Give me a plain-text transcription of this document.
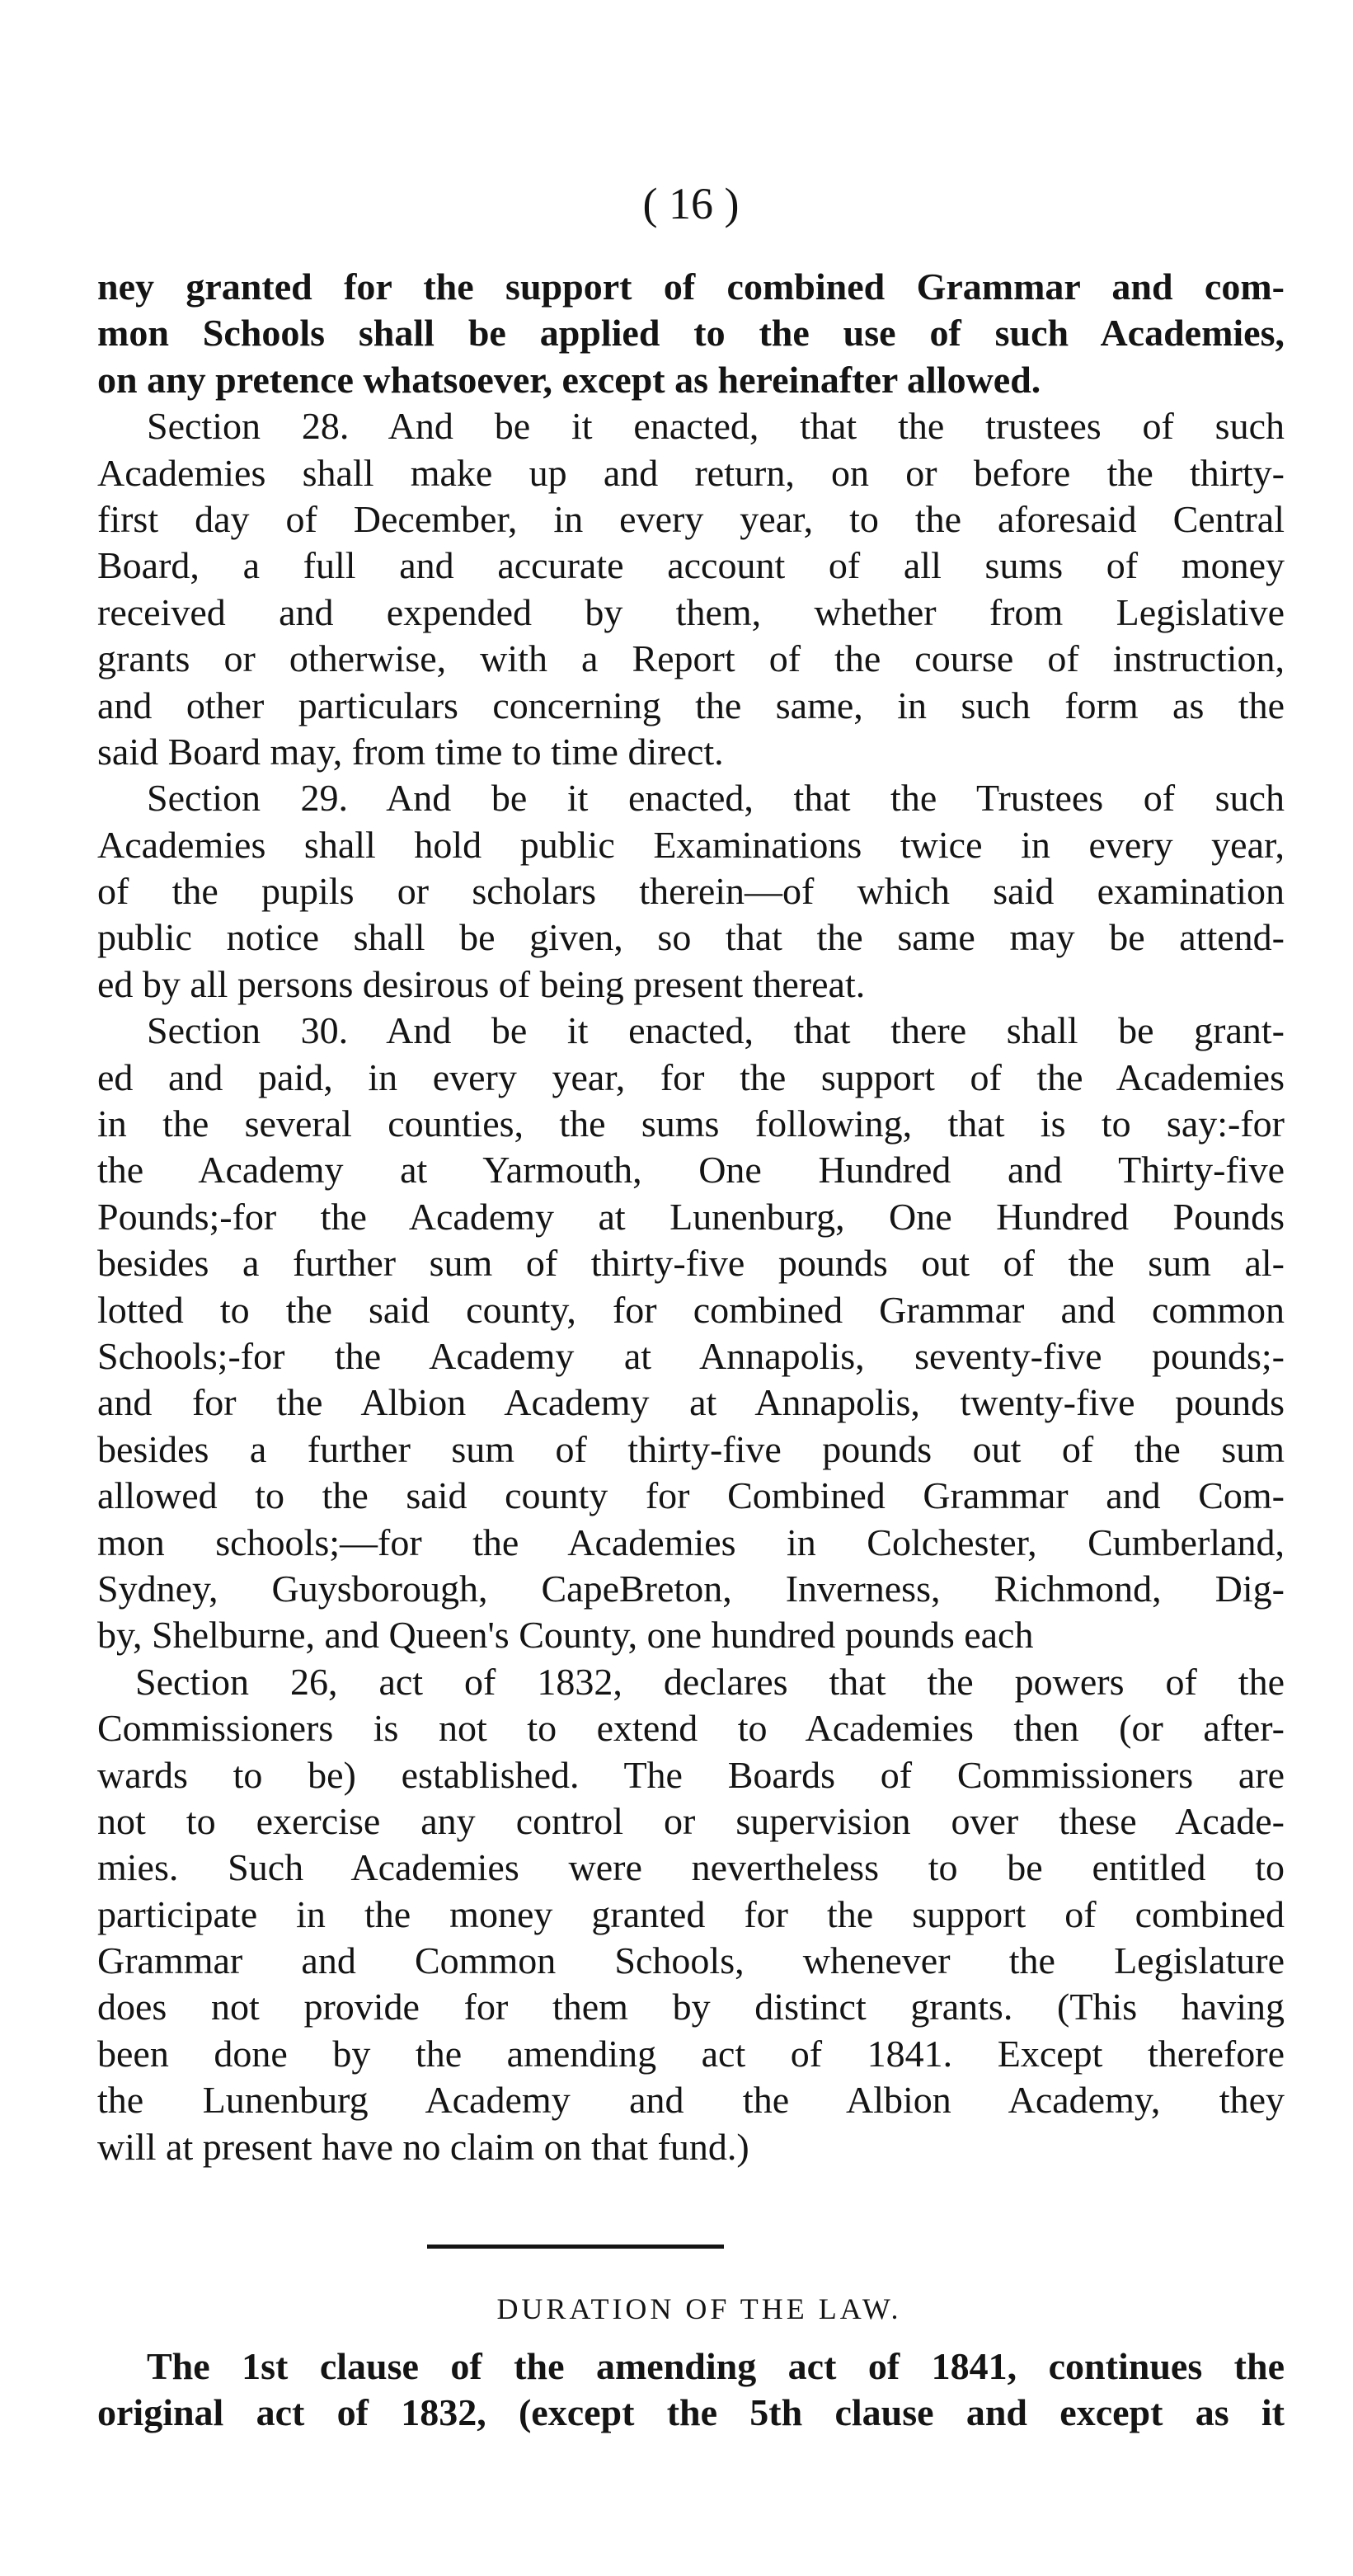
( 16 )
ney granted for the support of combined Grammar and com-
mon Schools shall be applied to the use of such Academies,
on any pretence whatsoever, except as hereinafter allowed.
Section 28. And be it enacted, that the trustees of such
Academies shall make up and return, on or before the thirty-
first day of December, in every year, to the aforesaid Central
Board, a full and accurate account of all sums of money
received and expended by them, whether from Legislative
grants or otherwise, with a Report of the course of instruction,
and other particulars concerning the same, in such form as the
said Board may, from time to time direct.
Section 29. And be it enacted, that the Trustees of such
Academies shall hold public Examinations twice in every year,
of the pupils or scholars therein—of which said examination
public notice shall be given, so that the same may be attend-
ed by all persons desirous of being present thereat.
Section 30. And be it enacted, that there shall be grant-
ed and paid, in every year, for the support of the Academies
in the several counties, the sums following, that is to say:-for
the Academy at Yarmouth, One Hundred and Thirty-five
Pounds;-for the Academy at Lunenburg, One Hundred Pounds
besides a further sum of thirty-five pounds out of the sum al-
lotted to the said county, for combined Grammar and common
Schools;-for the Academy at Annapolis, seventy-five pounds;-
and for the Albion Academy at Annapolis, twenty-five pounds
besides a further sum of thirty-five pounds out of the sum
allowed to the said county for Combined Grammar and Com-
mon schools;—for the Academies in Colchester, Cumberland,
Sydney, Guysborough, CapeBreton, Inverness, Richmond, Dig-
by, Shelburne, and Queen's County, one hundred pounds each
Section 26, act of 1832, declares that the powers of the
Commissioners is not to extend to Academies then (or after-
wards to be) established. The Boards of Commissioners are
not to exercise any control or supervision over these Acade-
mies. Such Academies were nevertheless to be entitled to
participate in the money granted for the support of combined
Grammar and Common Schools, whenever the Legislature
does not provide for them by distinct grants. (This having
been done by the amending act of 1841. Except therefore
the Lunenburg Academy and the Albion Academy, they
will at present have no claim on that fund.)
DURATION OF THE LAW.
The 1st clause of the amending act of 1841, continues the
original act of 1832, (except the 5th clause and except as it
